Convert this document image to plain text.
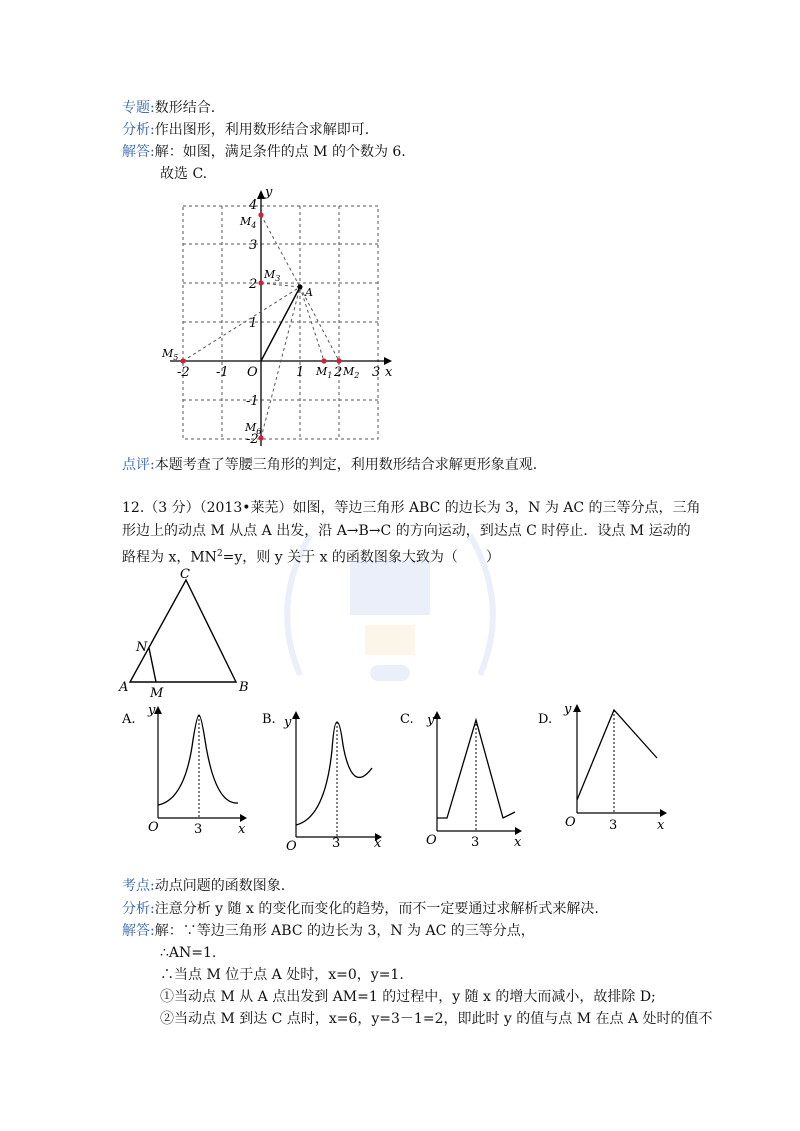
专题:数形结合.
分析:作出图形，利用数形结合求解即可.
解答:解：如图，满足条件的点 M 的个数为 6.
故选 C.
-2 -1 O	1 2 3 x
y
4
3
2
1
-1
-2
A
$M_4$
$M_3$
$M_5$
$M_6$
$M_1$ $M_2$
点评:本题考查了等腰三角形的判定，利用数形结合求解更形象直观.
12.（3 分）（2013•莱芜）如图，等边三角形 ABC 的边长为 3，N 为 AC 的三等分点，三角
形边上的动点 M 从点 A 出发，沿 A→B→C 的方向运动，到达点 C 时停止．设点 M 运动的
路程为 x，$MN^2=y$，则 y 关于 x 的函数图象大致为（　　）
A	B
C
N
M
A.
y
O	3	x
B. y
O	3	x
C. y
O	3	x
D.
y
O	3	x
考点:动点问题的函数图象.
分析:注意分析 y 随 x 的变化而变化的趋势，而不一定要通过求解析式来解决.
解答:解：∵等边三角形 ABC 的边长为 3，N 为 AC 的三等分点，
∴AN=1.
∴当点 M 位于点 A 处时，x=0，y=1.
①当动点 M 从 A 点出发到 AM=1 的过程中，y 随 x 的增大而减小，故排除 D;
②当动点 M 到达 C 点时，x=6，y=3－1=2，即此时 y 的值与点 M 在点 A 处时的值不
